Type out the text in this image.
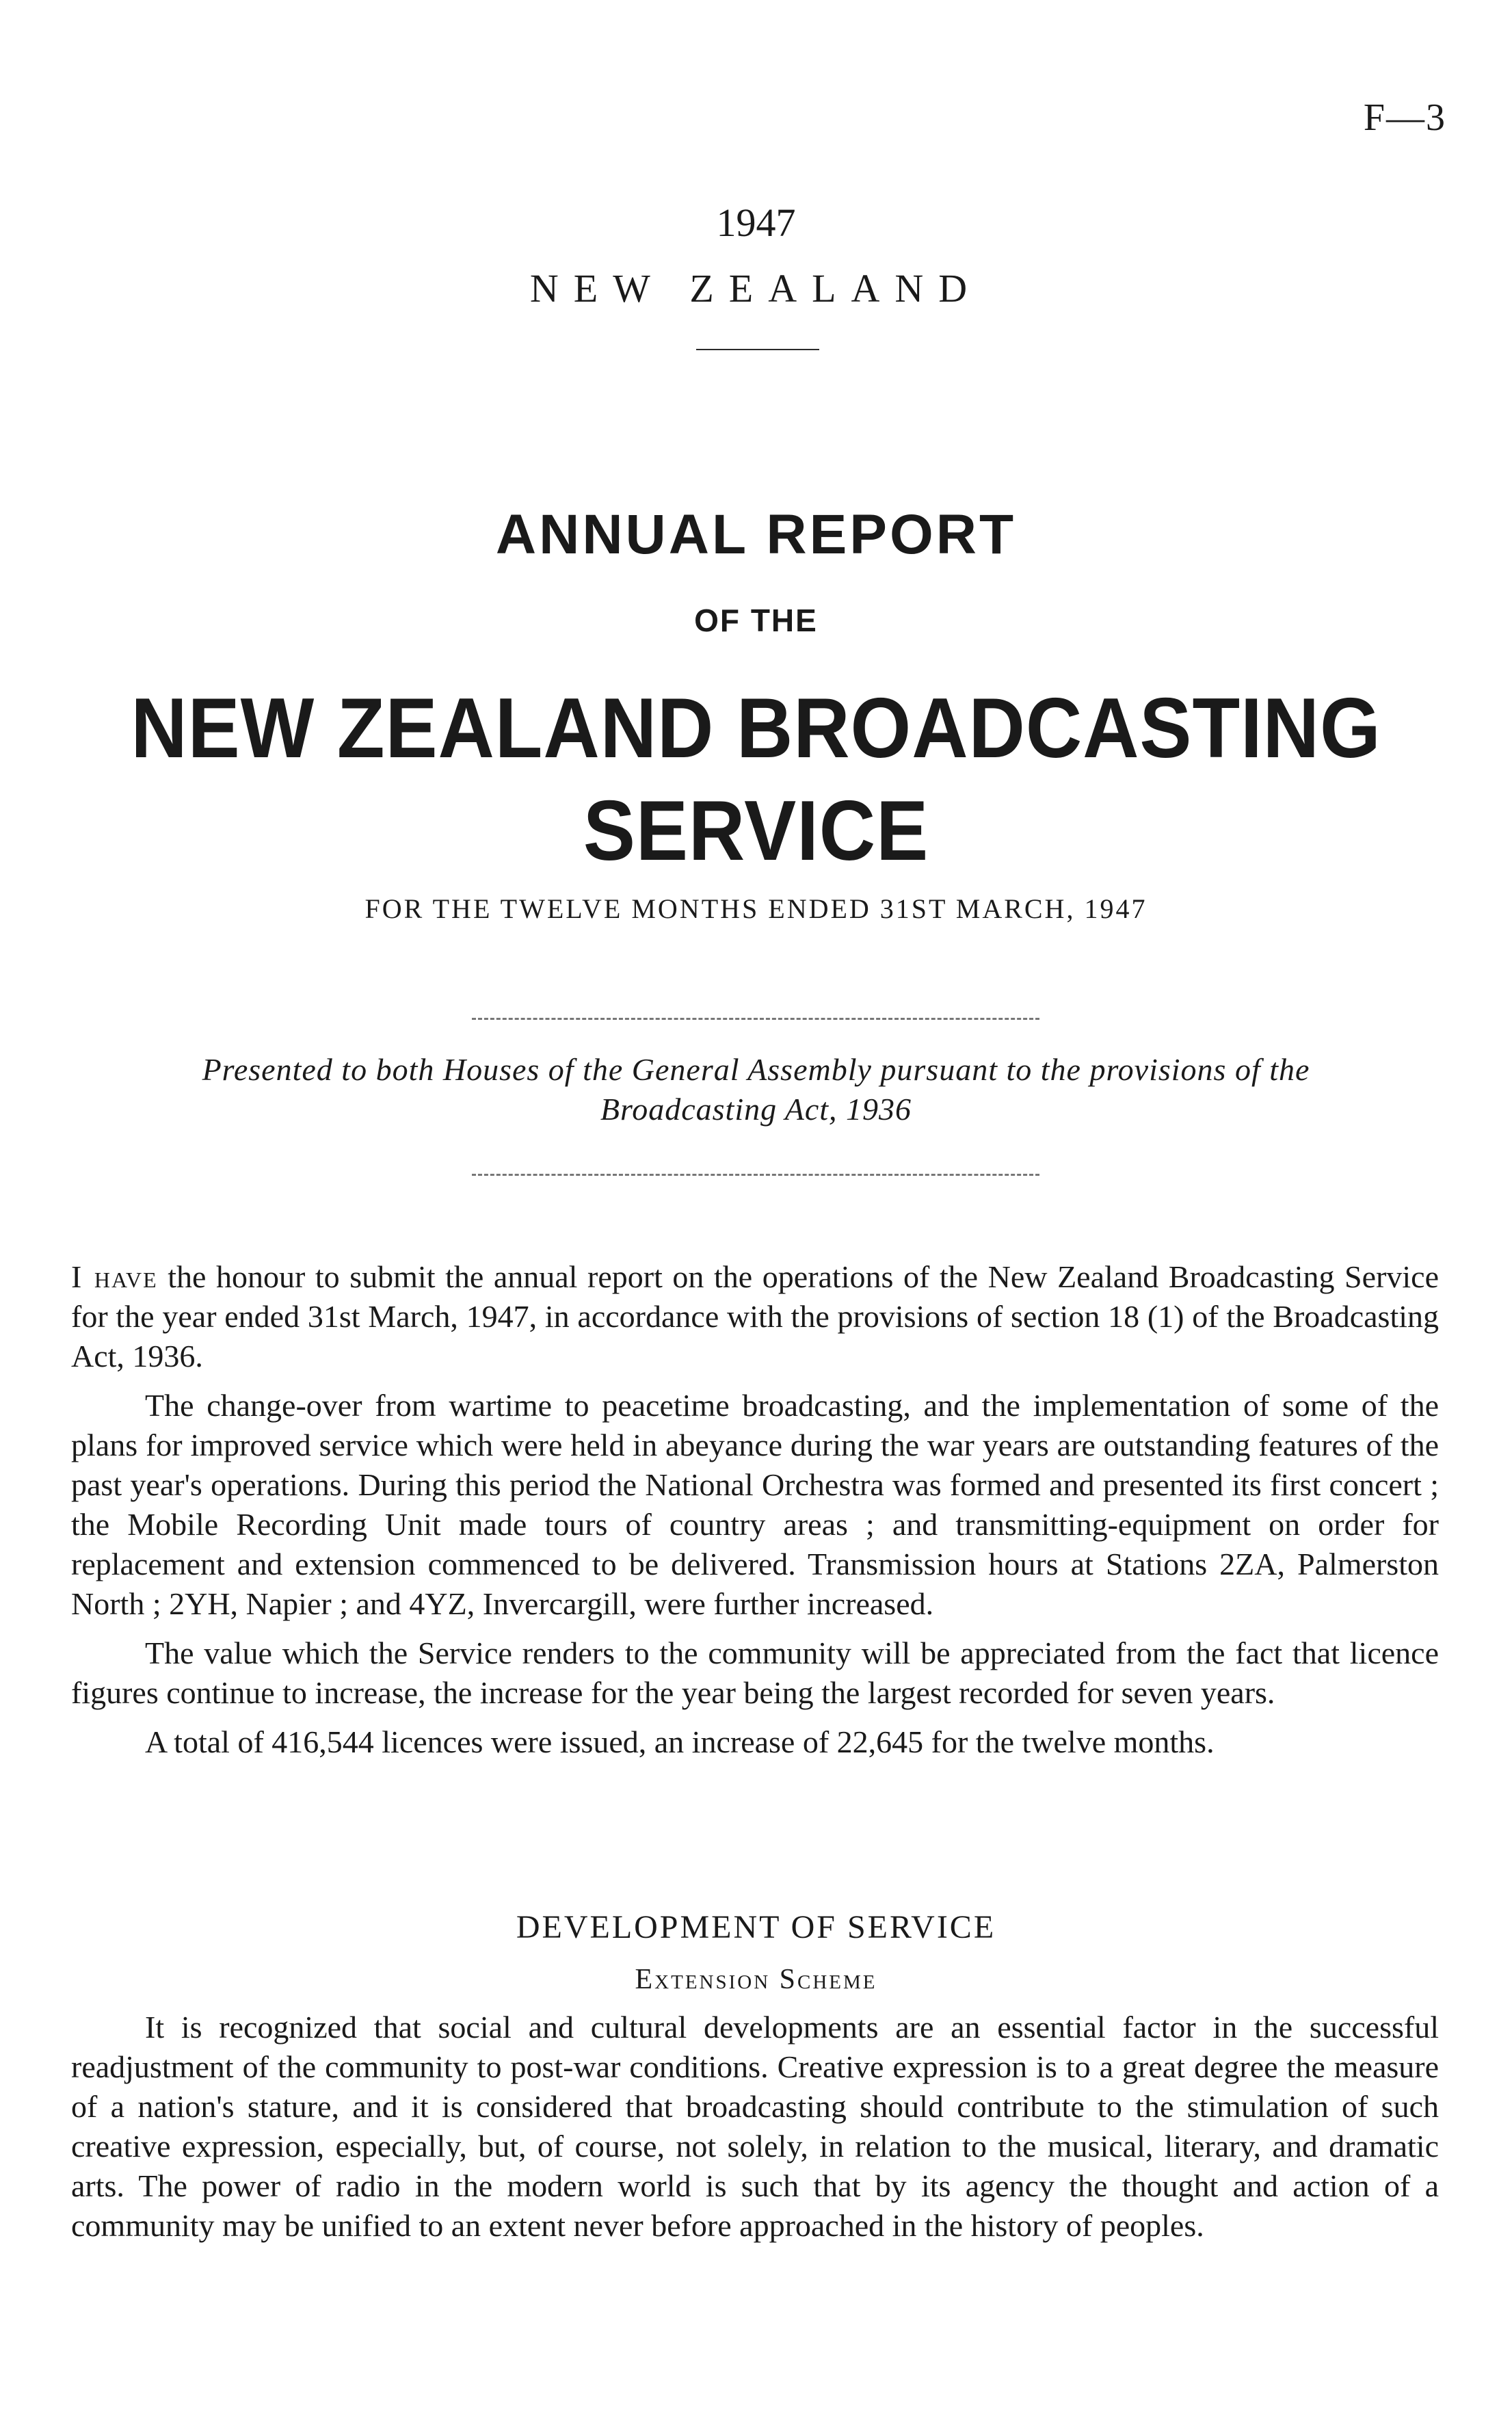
F—3
1947
NEW ZEALAND
ANNUAL REPORT
OF THE
NEW ZEALAND BROADCASTING
SERVICE
FOR THE TWELVE MONTHS ENDED 31ST MARCH, 1947
Presented to both Houses of the General Assembly pursuant to the provisions of the
Broadcasting Act, 1936

I have the honour to submit the annual report on the operations of the New Zealand Broadcasting Service for the year ended 31st March, 1947, in accordance with the provisions of section 18 (1) of the Broadcasting Act, 1936.

The change-over from wartime to peacetime broadcasting, and the implementation of some of the plans for improved service which were held in abeyance during the war years are outstanding features of the past year's operations. During this period the National Orchestra was formed and presented its first concert ; the Mobile Recording Unit made tours of country areas ; and transmitting-equipment on order for replacement and extension commenced to be delivered. Transmission hours at Stations 2ZA, Palmerston North ; 2YH, Napier ; and 4YZ, Invercargill, were further increased.

The value which the Service renders to the community will be appreciated from the fact that licence figures continue to increase, the increase for the year being the largest recorded for seven years.

A total of 416,544 licences were issued, an increase of 22,645 for the twelve months.

DEVELOPMENT OF SERVICE
Extension Scheme

It is recognized that social and cultural developments are an essential factor in the successful readjustment of the community to post-war conditions. Creative expression is to a great degree the measure of a nation's stature, and it is considered that broadcasting should contribute to the stimulation of such creative expression, especially, but, of course, not solely, in relation to the musical, literary, and dramatic arts. The power of radio in the modern world is such that by its agency the thought and action of a community may be unified to an extent never before approached in the history of peoples.
